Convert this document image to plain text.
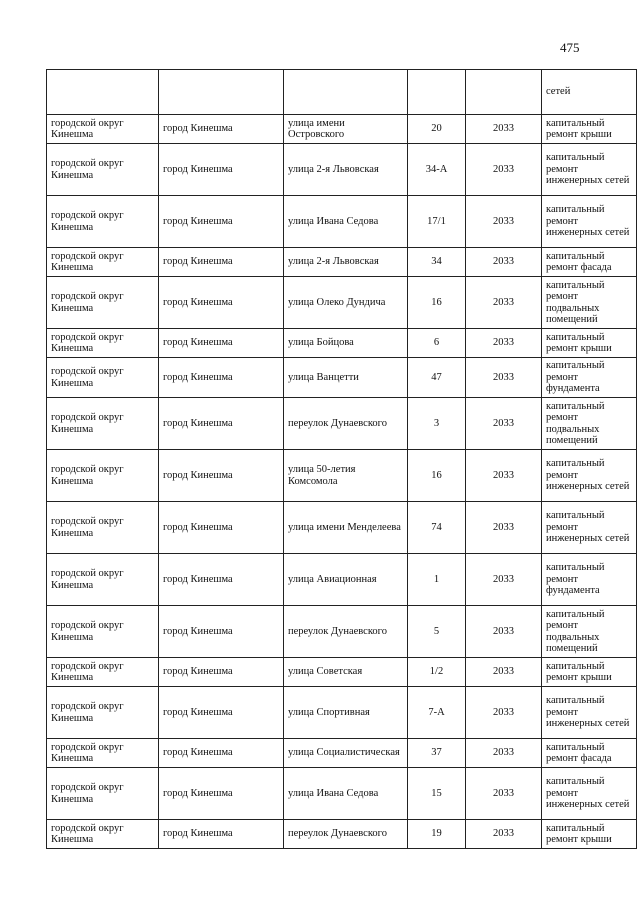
475
					сетей
городской округ Кинешма	город Кинешма	улица имени Островского	20	2033	капитальный ремонт крыши
городской округ Кинешма	город Кинешма	улица 2-я Львовская	34-А	2033	капитальный ремонт инженерных сетей
городской округ Кинешма	город Кинешма	улица Ивана Седова	17/1	2033	капитальный ремонт инженерных сетей
городской округ Кинешма	город Кинешма	улица 2-я Львовская	34	2033	капитальный ремонт фасада
городской округ Кинешма	город Кинешма	улица Олеко Дундича	16	2033	капитальный ремонт подвальных помещений
городской округ Кинешма	город Кинешма	улица Бойцова	6	2033	капитальный ремонт крыши
городской округ Кинешма	город Кинешма	улица Ванцетти	47	2033	капитальный ремонт фундамента
городской округ Кинешма	город Кинешма	переулок Дунаевского	3	2033	капитальный ремонт подвальных помещений
городской округ Кинешма	город Кинешма	улица 50-летия Комсомола	16	2033	капитальный ремонт инженерных сетей
городской округ Кинешма	город Кинешма	улица имени Менделеева	74	2033	капитальный ремонт инженерных сетей
городской округ Кинешма	город Кинешма	улица Авиационная	1	2033	капитальный ремонт фундамента
городской округ Кинешма	город Кинешма	переулок Дунаевского	5	2033	капитальный ремонт подвальных помещений
городской округ Кинешма	город Кинешма	улица Советская	1/2	2033	капитальный ремонт крыши
городской округ Кинешма	город Кинешма	улица Спортивная	7-А	2033	капитальный ремонт инженерных сетей
городской округ Кинешма	город Кинешма	улица Социалистическая	37	2033	капитальный ремонт фасада
городской округ Кинешма	город Кинешма	улица Ивана Седова	15	2033	капитальный ремонт инженерных сетей
городской округ Кинешма	город Кинешма	переулок Дунаевского	19	2033	капитальный ремонт крыши
